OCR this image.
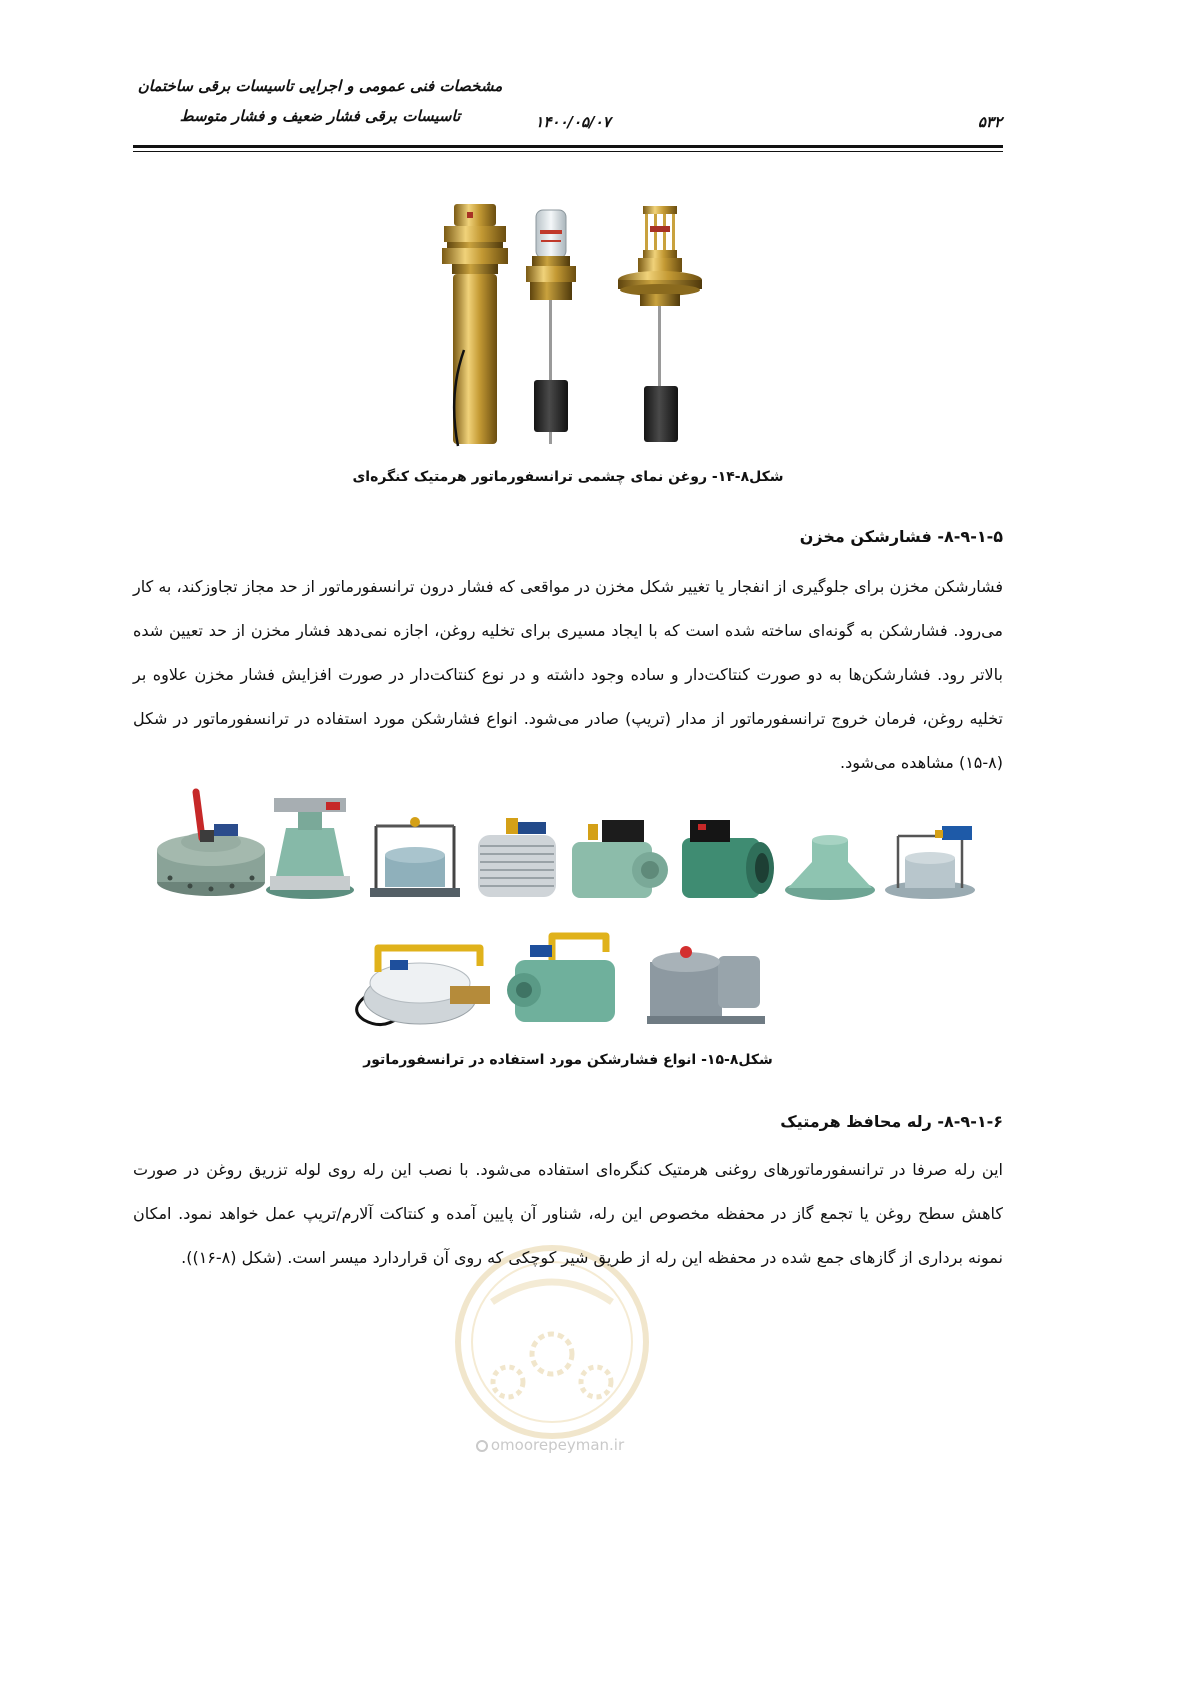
مشخصات فنی عمومی و اجرایی تاسیسات برقی ساختمان
تاسیسات برقی فشار ضعیف و فشار متوسط	۱۴۰۰/۰۵/۰۷	۵۳۲
شکل۸-۱۴- روغن نمای چشمی ترانسفورماتور هرمتیک کنگره‌ای
۸-۹-۱-۵- فشارشکن مخزن
فشارشکن مخزن برای جلوگیری از انفجار یا تغییر شکل مخزن در مواقعی که فشار درون ترانسفورماتور از حد مجاز تجاوزکند، به کار می‌رود. فشارشکن به گونه‌ای ساخته شده است که با ایجاد مسیری برای تخلیه روغن، اجازه نمی‌دهد فشار مخزن از حد تعیین شده بالاتر رود. فشارشکن‌ها به دو صورت کنتاکت‌دار و ساده وجود داشته و در نوع کنتاکت‌دار در صورت افزایش فشار مخزن علاوه بر تخلیه روغن، فرمان خروج ترانسفورماتور از مدار (تریپ) صادر می‌شود. انواع فشارشکن مورد استفاده در ترانسفورماتور در شکل (۸-۱۵) مشاهده می‌شود.
شکل۸-۱۵- انواع فشارشکن مورد استفاده در ترانسفورماتور
۸-۹-۱-۶- رله محافظ هرمتیک
این رله صرفا در ترانسفورماتورهای روغنی هرمتیک کنگره‌ای استفاده می‌شود. با نصب این رله روی لوله تزریق روغن در صورت کاهش سطح روغن یا تجمع گاز در محفظه مخصوص این رله، شناور آن پایین آمده و کنتاکت آلارم/تریپ عمل خواهد نمود. امکان نمونه برداری از گازهای جمع شده در محفظه این رله از طریق شیر کوچکی که روی آن قراردارد میسر است. (شکل (۸-۱۶)).
omoorepeyman.ir
